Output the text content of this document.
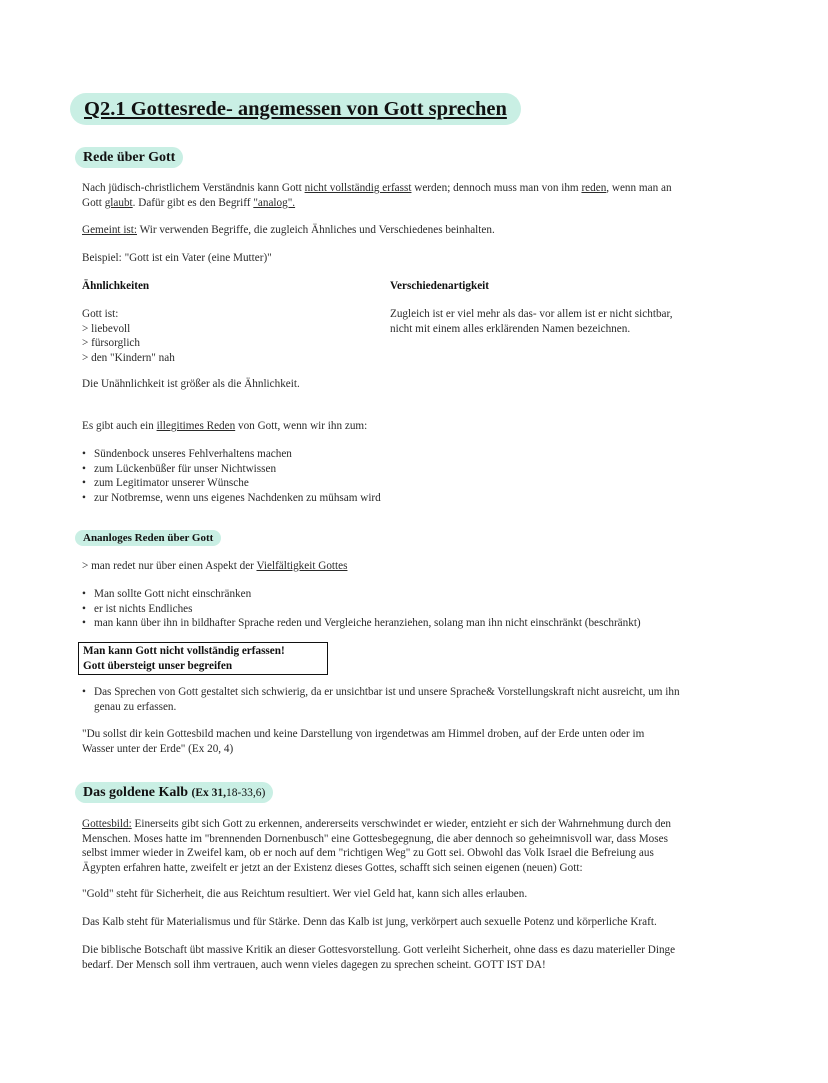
Q2.1 Gottesrede- angemessen von Gott sprechen
Rede über Gott
Nach jüdisch-christlichem Verständnis kann Gott nicht vollständig erfasst werden; dennoch muss man von ihm reden, wenn man an
Gott glaubt. Dafür gibt es den Begriff "analog".
Gemeint ist: Wir verwenden Begriffe, die zugleich Ähnliches und Verschiedenes beinhalten.
Beispiel: "Gott ist ein Vater (eine Mutter)"
Ähnlichkeiten	Verschiedenartigkeit
Gott ist:
> liebevoll
> fürsorglich
> den "Kindern" nah
Zugleich ist er viel mehr als das- vor allem ist er nicht sichtbar,
nicht mit einem alles erklärenden Namen bezeichnen.
Die Unähnlichkeit ist größer als die Ähnlichkeit.
Es gibt auch ein illegitimes Reden von Gott, wenn wir ihn zum:
• Sündenbock unseres Fehlverhaltens machen
• zum Lückenbüßer für unser Nichtwissen
• zum Legitimator unserer Wünsche
• zur Notbremse, wenn uns eigenes Nachdenken zu mühsam wird
Ananloges Reden über Gott
> man redet nur über einen Aspekt der Vielfältigkeit Gottes
• Man sollte Gott nicht einschränken
• er ist nichts Endliches
• man kann über ihn in bildhafter Sprache reden und Vergleiche heranziehen, solang man ihn nicht einschränkt (beschränkt)
Man kann Gott nicht vollständig erfassen!
Gott übersteigt unser begreifen
• Das Sprechen von Gott gestaltet sich schwierig, da er unsichtbar ist und unsere Sprache& Vorstellungskraft nicht ausreicht, um ihn
genau zu erfassen.
"Du sollst dir kein Gottesbild machen und keine Darstellung von irgendetwas am Himmel droben, auf der Erde unten oder im
Wasser unter der Erde" (Ex 20, 4)
Das goldene Kalb (Ex 31,18-33,6)
Gottesbild: Einerseits gibt sich Gott zu erkennen, andererseits verschwindet er wieder, entzieht er sich der Wahrnehmung durch den
Menschen. Moses hatte im "brennenden Dornenbusch" eine Gottesbegegnung, die aber dennoch so geheimnisvoll war, dass Moses
selbst immer wieder in Zweifel kam, ob er noch auf dem "richtigen Weg" zu Gott sei. Obwohl das Volk Israel die Befreiung aus
Ägypten erfahren hatte, zweifelt er jetzt an der Existenz dieses Gottes, schafft sich seinen eigenen (neuen) Gott:
"Gold" steht für Sicherheit, die aus Reichtum resultiert. Wer viel Geld hat, kann sich alles erlauben.
Das Kalb steht für Materialismus und für Stärke. Denn das Kalb ist jung, verkörpert auch sexuelle Potenz und körperliche Kraft.
Die biblische Botschaft übt massive Kritik an dieser Gottesvorstellung. Gott verleiht Sicherheit, ohne dass es dazu materieller Dinge
bedarf. Der Mensch soll ihm vertrauen, auch wenn vieles dagegen zu sprechen scheint. GOTT IST DA!
